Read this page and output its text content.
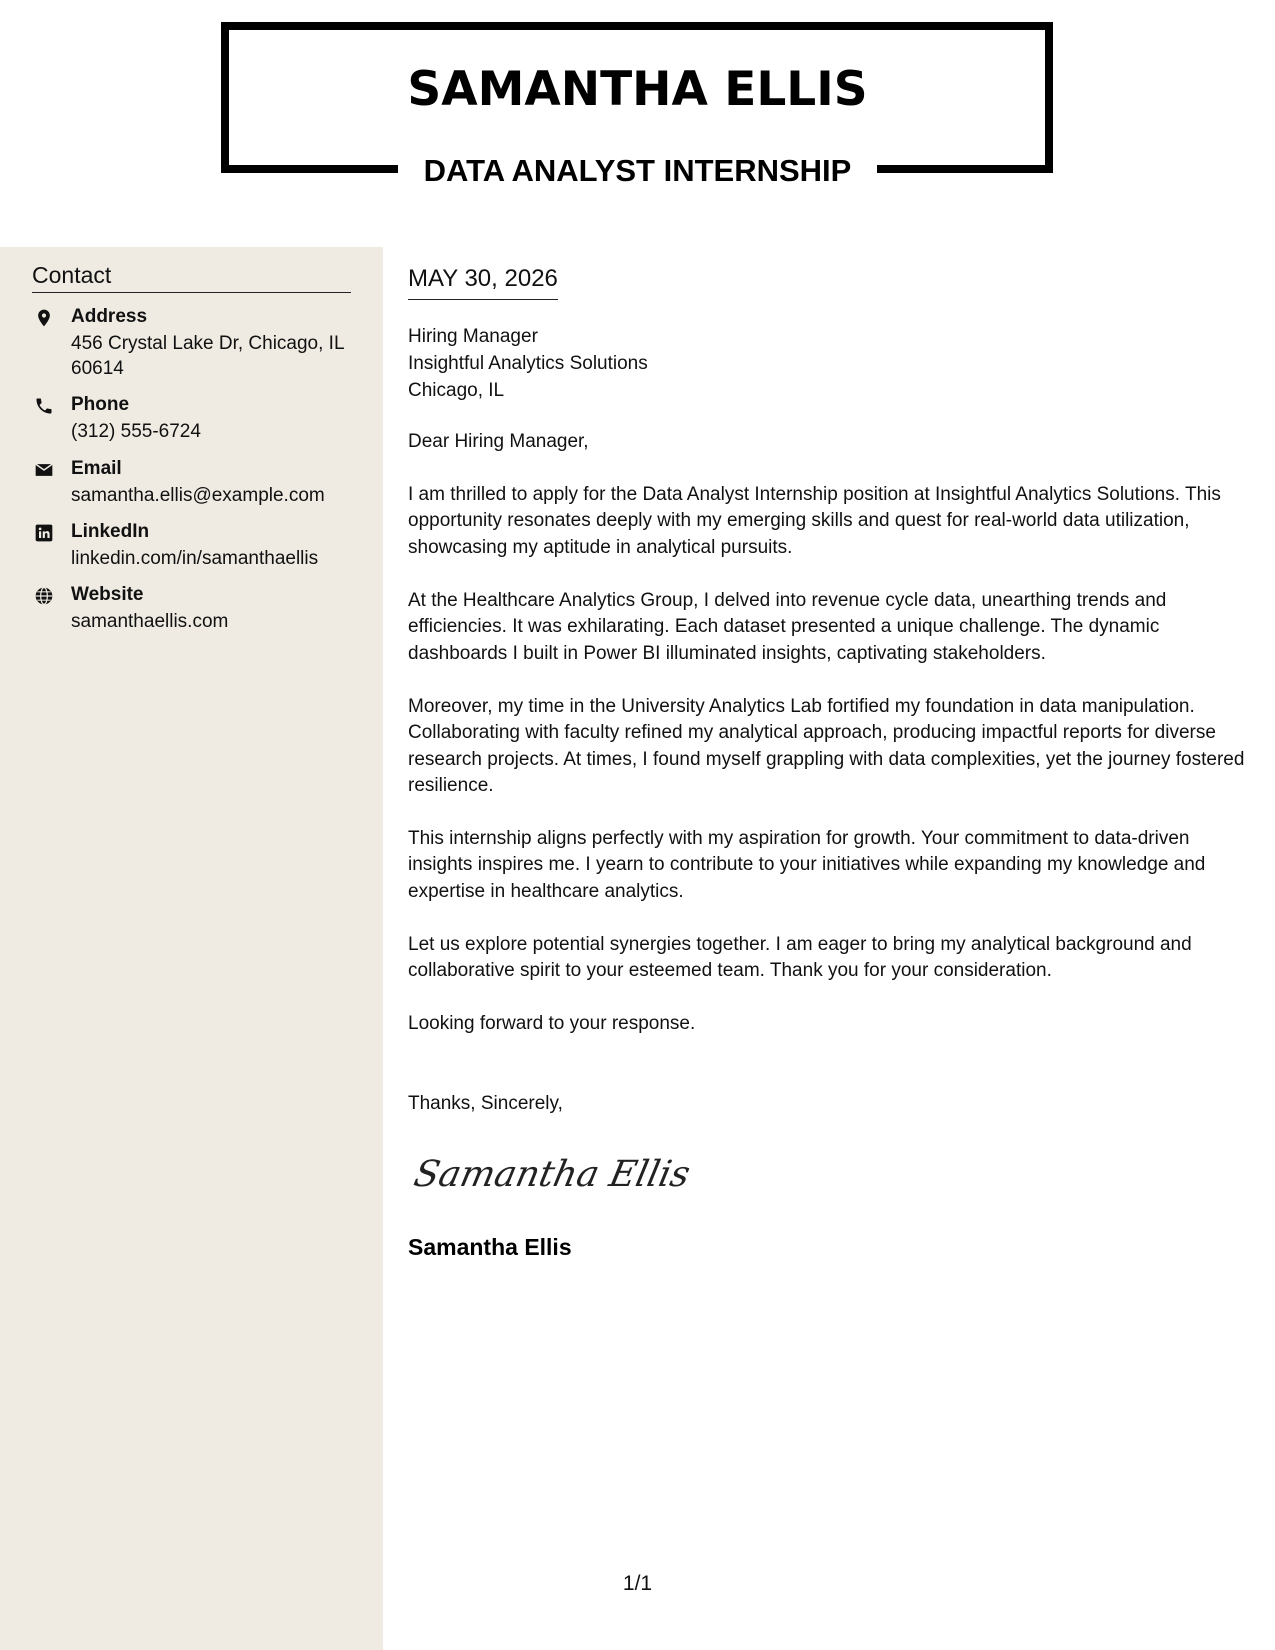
SAMANTHA ELLIS
DATA ANALYST INTERNSHIP
Contact
Address
456 Crystal Lake Dr, Chicago, IL 60614
Phone
(312) 555-6724
Email
samantha.ellis@example.com
LinkedIn
linkedin.com/in/samanthaellis
Website
samanthaellis.com
MAY 30, 2026
Hiring Manager
Insightful Analytics Solutions
Chicago, IL

Dear Hiring Manager,

I am thrilled to apply for the Data Analyst Internship position at Insightful Analytics Solutions. This opportunity resonates deeply with my emerging skills and quest for real-world data utilization, showcasing my aptitude in analytical pursuits.

At the Healthcare Analytics Group, I delved into revenue cycle data, unearthing trends and efficiencies. It was exhilarating. Each dataset presented a unique challenge. The dynamic dashboards I built in Power BI illuminated insights, captivating stakeholders.

Moreover, my time in the University Analytics Lab fortified my foundation in data manipulation. Collaborating with faculty refined my analytical approach, producing impactful reports for diverse research projects. At times, I found myself grappling with data complexities, yet the journey fostered resilience.

This internship aligns perfectly with my aspiration for growth. Your commitment to data-driven insights inspires me. I yearn to contribute to your initiatives while expanding my knowledge and expertise in healthcare analytics.

Let us explore potential synergies together. I am eager to bring my analytical background and collaborative spirit to your esteemed team. Thank you for your consideration.

Looking forward to your response.

Thanks, Sincerely,

Samantha Ellis
Samantha Ellis
1/1
